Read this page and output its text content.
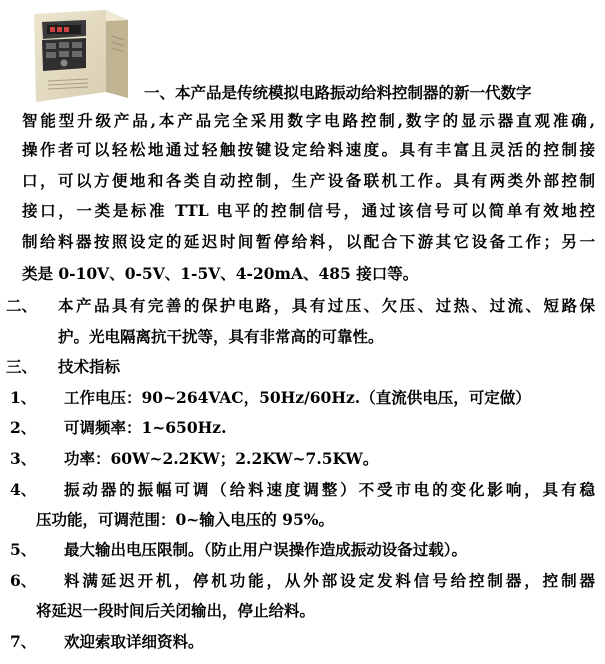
一、本产品是传统模拟电路振动给料控制器的新一代数字
智能型升级产品,本产品完全采用数字电路控制,数字的显示器直观准确,
操作者可以轻松地通过轻触按键设定给料速度。具有丰富且灵活的控制接
口，可以方便地和各类自动控制，生产设备联机工作。具有两类外部控制
接口，一类是标准 TTL 电平的控制信号，通过该信号可以简单有效地控
制给料器按照设定的延迟时间暂停给料，以配合下游其它设备工作；另一
类是 0-10V、0-5V、1-5V、4-20mA、485 接口等。
二、 本产品具有完善的保护电路，具有过压、欠压、过热、过流、短路保
护。光电隔离抗干扰等，具有非常高的可靠性。
三、 技术指标
1、 工作电压：90~264VAC，50Hz/60Hz.（直流供电压，可定做）
2、 可调频率：1~650Hz.
3、 功率：60W~2.2KW；2.2KW~7.5KW。
4、 振动器的振幅可调（给料速度调整）不受市电的变化影响，具有稳
压功能，可调范围：0~输入电压的 95%。
5、 最大输出电压限制。（防止用户误操作造成振动设备过载）。
6、 料满延迟开机，停机功能，从外部设定发料信号给控制器，控制器
将延迟一段时间后关闭输出，停止给料。
7、 欢迎索取详细资料。
